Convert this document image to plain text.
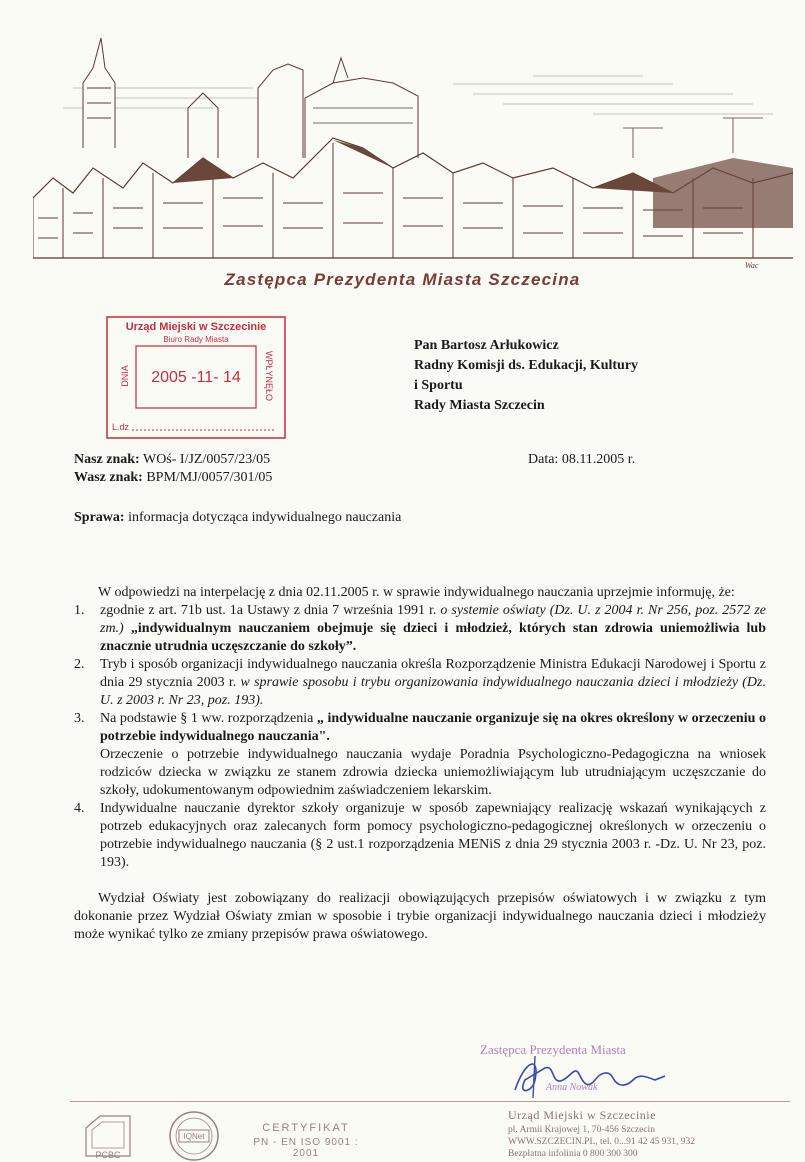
Wac
Zastępca Prezydenta Miasta Szczecina
Urząd Miejski w Szczecinie
Biuro Rady Miasta
DNIA	WPŁYNĘŁO
2005 -11- 14
L.dz
Pan Bartosz Arłukowicz
Radny Komisji ds. Edukacji, Kultury
i Sportu
Rady Miasta Szczecin
Nasz znak: WOś- I/JZ/0057/23/05
Wasz znak: BPM/MJ/0057/301/05
Data: 08.11.2005 r.
Sprawa: informacja dotycząca indywidualnego nauczania

W odpowiedzi na interpelację z dnia 02.11.2005 r. w sprawie indywidualnego nauczania uprzejmie informuję, że:

1. zgodnie z art. 71b ust. 1a Ustawy z dnia 7 września 1991 r. o systemie oświaty (Dz. U. z 2004 r. Nr 256, poz. 2572 ze zm.) „indywidualnym nauczaniem obejmuje się dzieci i młodzież, których stan zdrowia uniemożliwia lub znacznie utrudnia uczęszczanie do szkoły”.
2. Tryb i sposób organizacji indywidualnego nauczania określa Rozporządzenie Ministra Edukacji Narodowej i Sportu z dnia 29 stycznia 2003 r. w sprawie sposobu i trybu organizowania indywidualnego nauczania dzieci i młodzieży (Dz. U. z 2003 r. Nr 23, poz. 193).
3. Na podstawie § 1 ww. rozporządzenia „ indywidualne nauczanie organizuje się na okres określony w orzeczeniu o potrzebie indywidualnego nauczania".
Orzeczenie o potrzebie indywidualnego nauczania wydaje Poradnia Psychologiczno-Pedagogiczna na wniosek rodziców dziecka w związku ze stanem zdrowia dziecka uniemożliwiającym lub utrudniającym uczęszczanie do szkoły, udokumentowanym odpowiednim zaświadczeniem lekarskim.
4. Indywidualne nauczanie dyrektor szkoły organizuje w sposób zapewniający realizację wskazań wynikających z potrzeb edukacyjnych oraz zalecanych form pomocy psychologiczno-pedagogicznej określonych w orzeczeniu o potrzebie indywidualnego nauczania (§ 2 ust.1 rozporządzenia MENiS z dnia 29 stycznia 2003 r. -Dz. U. Nr 23, poz. 193).

Wydział Oświaty jest zobowiązany do realizacji obowiązujących przepisów oświatowych i w związku z tym dokonanie przez Wydział Oświaty zmian w sposobie i trybie organizacji indywidualnego nauczania dzieci i młodzieży może wynikać tylko ze zmiany przepisów prawa oświatowego.

Zastępca Prezydenta Miasta
Anna Nowak
PCBC
IQNet
CERTYFIKAT
PN - EN ISO 9001 : 2001
Urząd Miejski w Szczecinie
pl. Armii Krajowej 1, 70-456 Szczecin
WWW.SZCZECIN.PL, tel. 0...91 42 45 931, 932
Bezpłatna infolinia 0 800 300 300
